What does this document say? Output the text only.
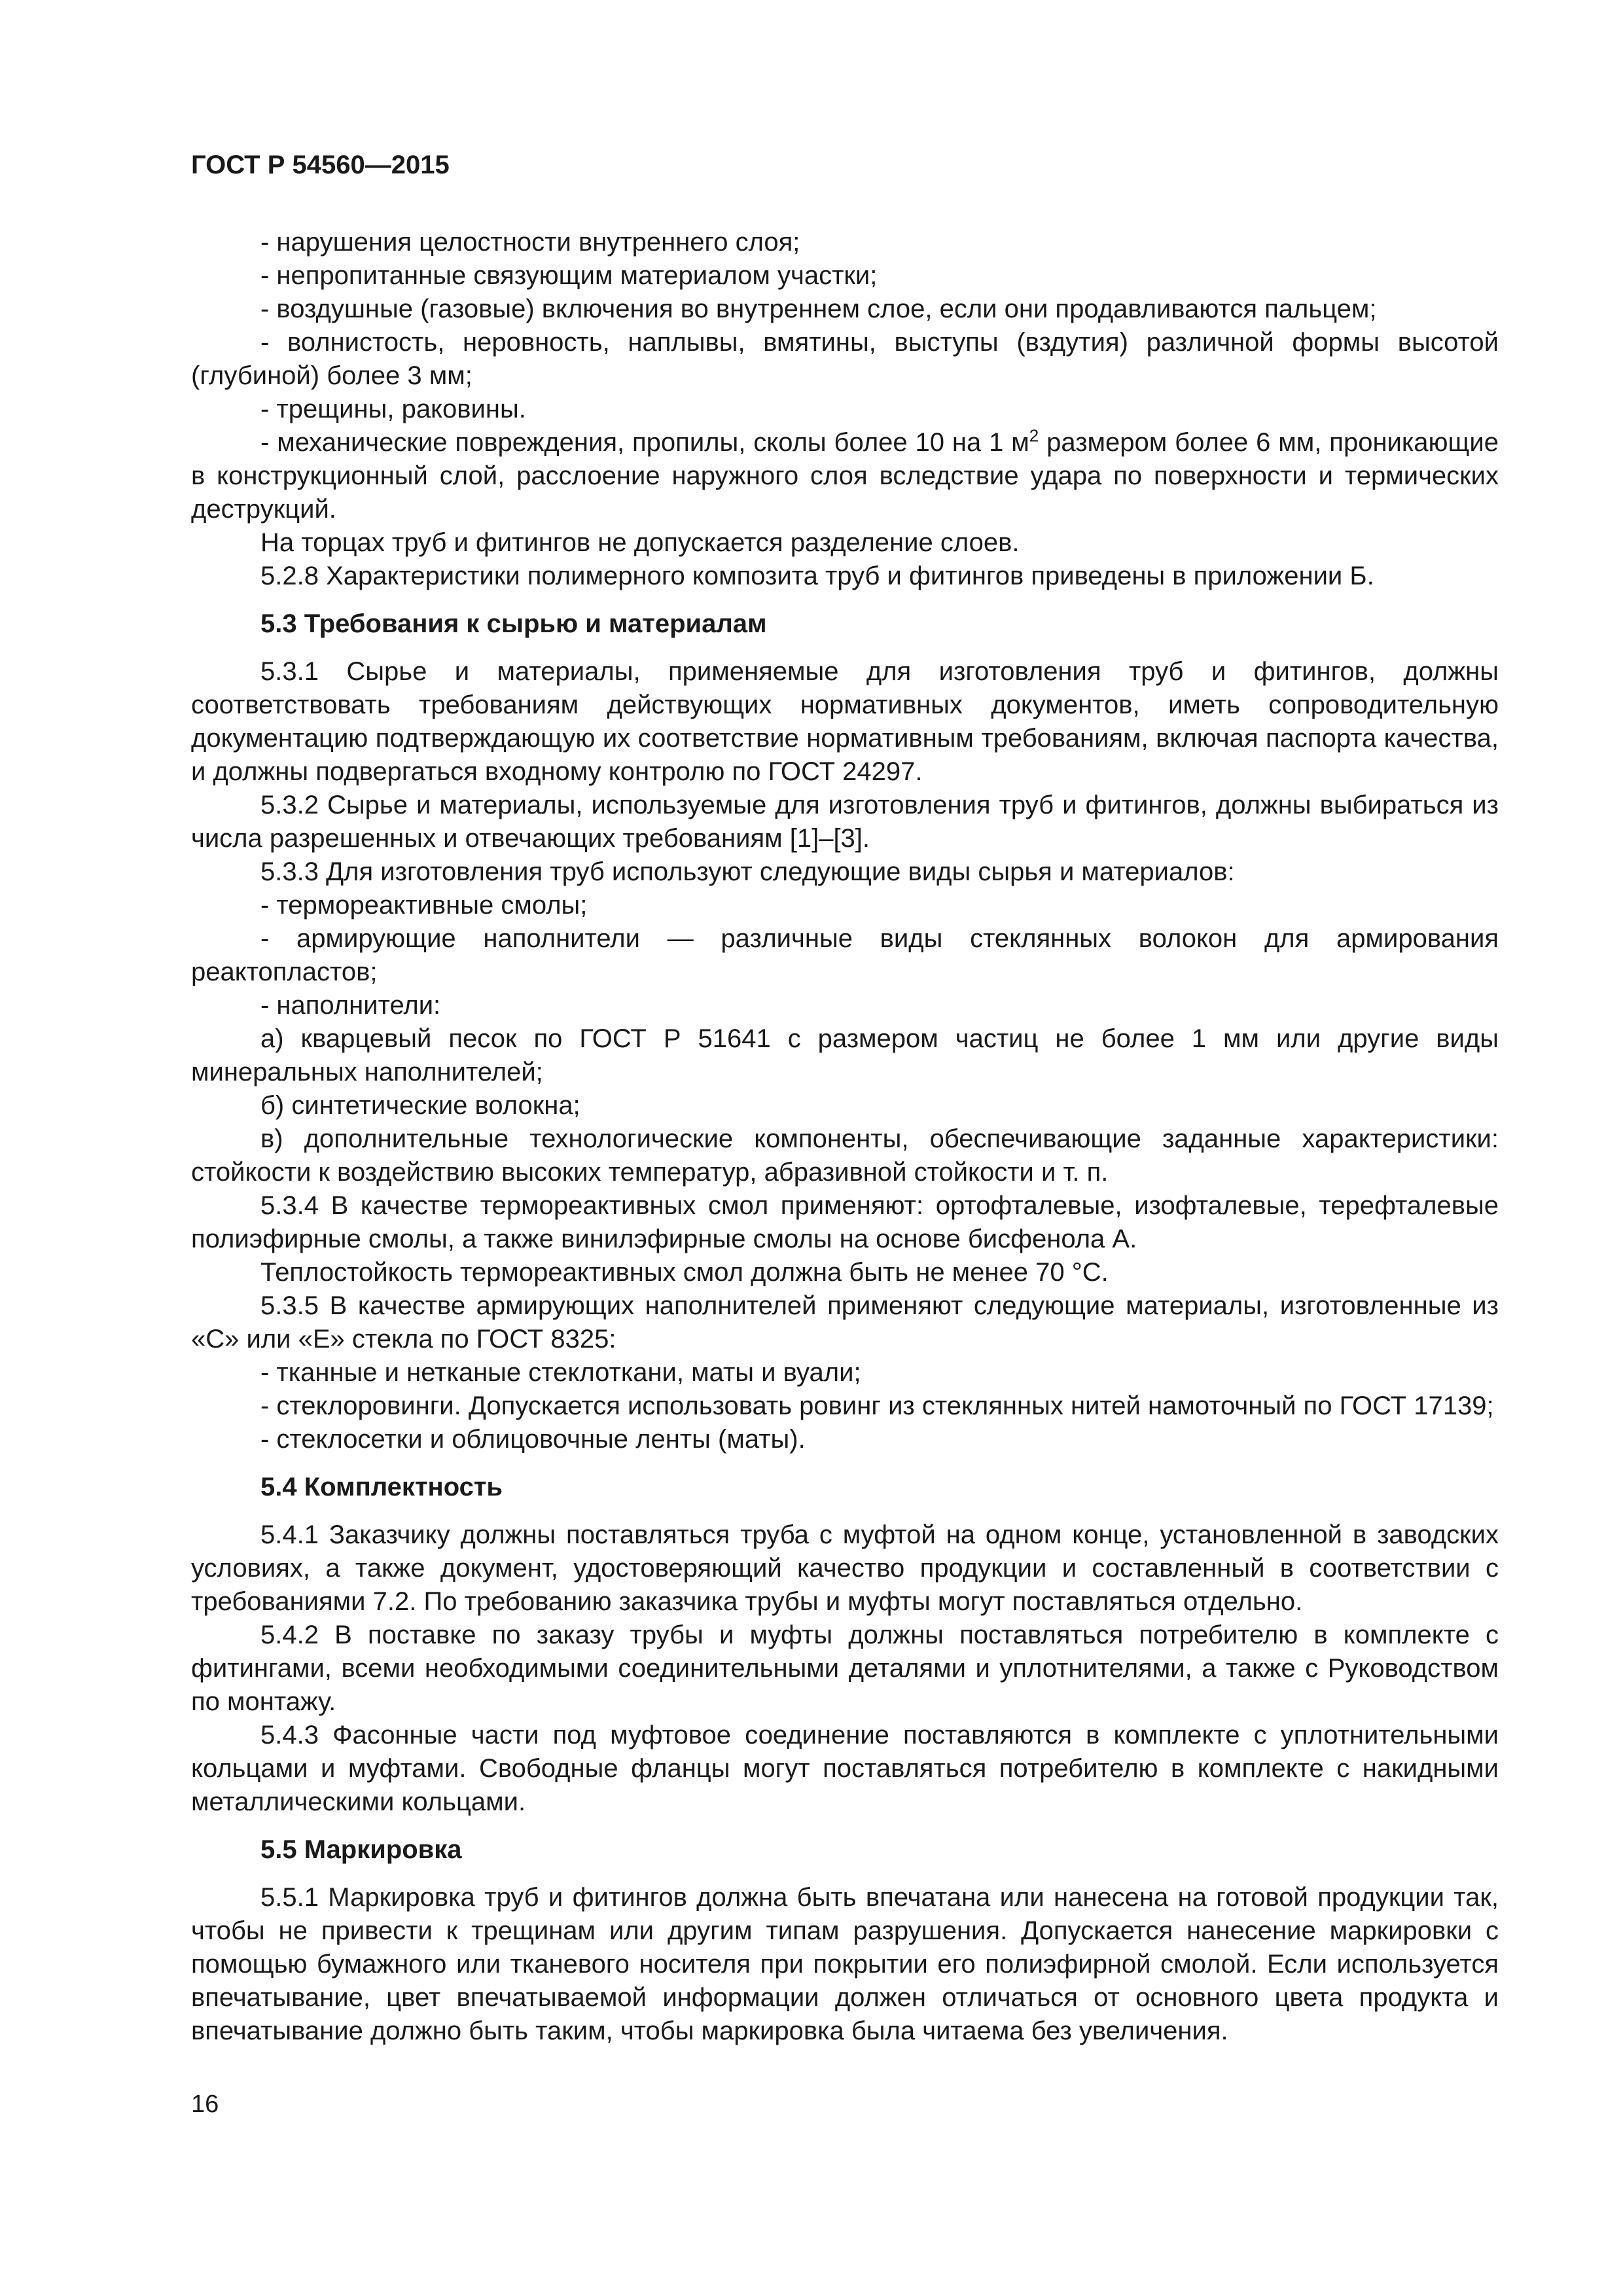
ГОСТ Р 54560—2015

- нарушения целостности внутреннего слоя;

- непропитанные связующим материалом участки;

- воздушные (газовые) включения во внутреннем слое, если они продавливаются пальцем;

- волнистость, неровность, наплывы, вмятины, выступы (вздутия) различной формы высотой (глубиной) более 3 мм;

- трещины, раковины.

- механические повреждения, пропилы, сколы более 10 на 1 $м^2$ размером более 6 мм, проникающие в конструкционный слой, расслоение наружного слоя вследствие удара по поверхности и термических деструкций.

На торцах труб и фитингов не допускается разделение слоев.

5.2.8 Характеристики полимерного композита труб и фитингов приведены в приложении Б.

5.3 Требования к сырью и материалам

5.3.1 Сырье и материалы, применяемые для изготовления труб и фитингов, должны соответствовать требованиям действующих нормативных документов, иметь сопроводительную документацию подтверждающую их соответствие нормативным требованиям, включая паспорта качества, и должны подвергаться входному контролю по ГОСТ 24297.

5.3.2 Сырье и материалы, используемые для изготовления труб и фитингов, должны выбираться из числа разрешенных и отвечающих требованиям [1]–[3].

5.3.3 Для изготовления труб используют следующие виды сырья и материалов:

- термореактивные смолы;

- армирующие наполнители — различные виды стеклянных волокон для армирования реактопластов;

- наполнители:

а) кварцевый песок по ГОСТ Р 51641 с размером частиц не более 1 мм или другие виды минеральных наполнителей;

б) синтетические волокна;

в) дополнительные технологические компоненты, обеспечивающие заданные характеристики: стойкости к воздействию высоких температур, абразивной стойкости и т. п.

5.3.4 В качестве термореактивных смол применяют: ортофталевые, изофталевые, терефталевые полиэфирные смолы, а также винилэфирные смолы на основе бисфенола А.

Теплостойкость термореактивных смол должна быть не менее 70 °С.

5.3.5 В качестве армирующих наполнителей применяют следующие материалы, изготовленные из «С» или «Е» стекла по ГОСТ 8325:

- тканные и нетканые стеклоткани, маты и вуали;

- стеклоровинги. Допускается использовать ровинг из стеклянных нитей намоточный по ГОСТ 17139;

- стеклосетки и облицовочные ленты (маты).

5.4 Комплектность

5.4.1 Заказчику должны поставляться труба с муфтой на одном конце, установленной в заводских условиях, а также документ, удостоверяющий качество продукции и составленный в соответствии с требованиями 7.2. По требованию заказчика трубы и муфты могут поставляться отдельно.

5.4.2 В поставке по заказу трубы и муфты должны поставляться потребителю в комплекте с фитингами, всеми необходимыми соединительными деталями и уплотнителями, а также с Руководством по монтажу.

5.4.3 Фасонные части под муфтовое соединение поставляются в комплекте с уплотнительными кольцами и муфтами. Свободные фланцы могут поставляться потребителю в комплекте с накидными металлическими кольцами.

5.5 Маркировка

5.5.1 Маркировка труб и фитингов должна быть впечатана или нанесена на готовой продукции так, чтобы не привести к трещинам или другим типам разрушения. Допускается нанесение маркировки с помощью бумажного или тканевого носителя при покрытии его полиэфирной смолой. Если используется впечатывание, цвет впечатываемой информации должен отличаться от основного цвета продукта и впечатывание должно быть таким, чтобы маркировка была читаема без увеличения.

16
